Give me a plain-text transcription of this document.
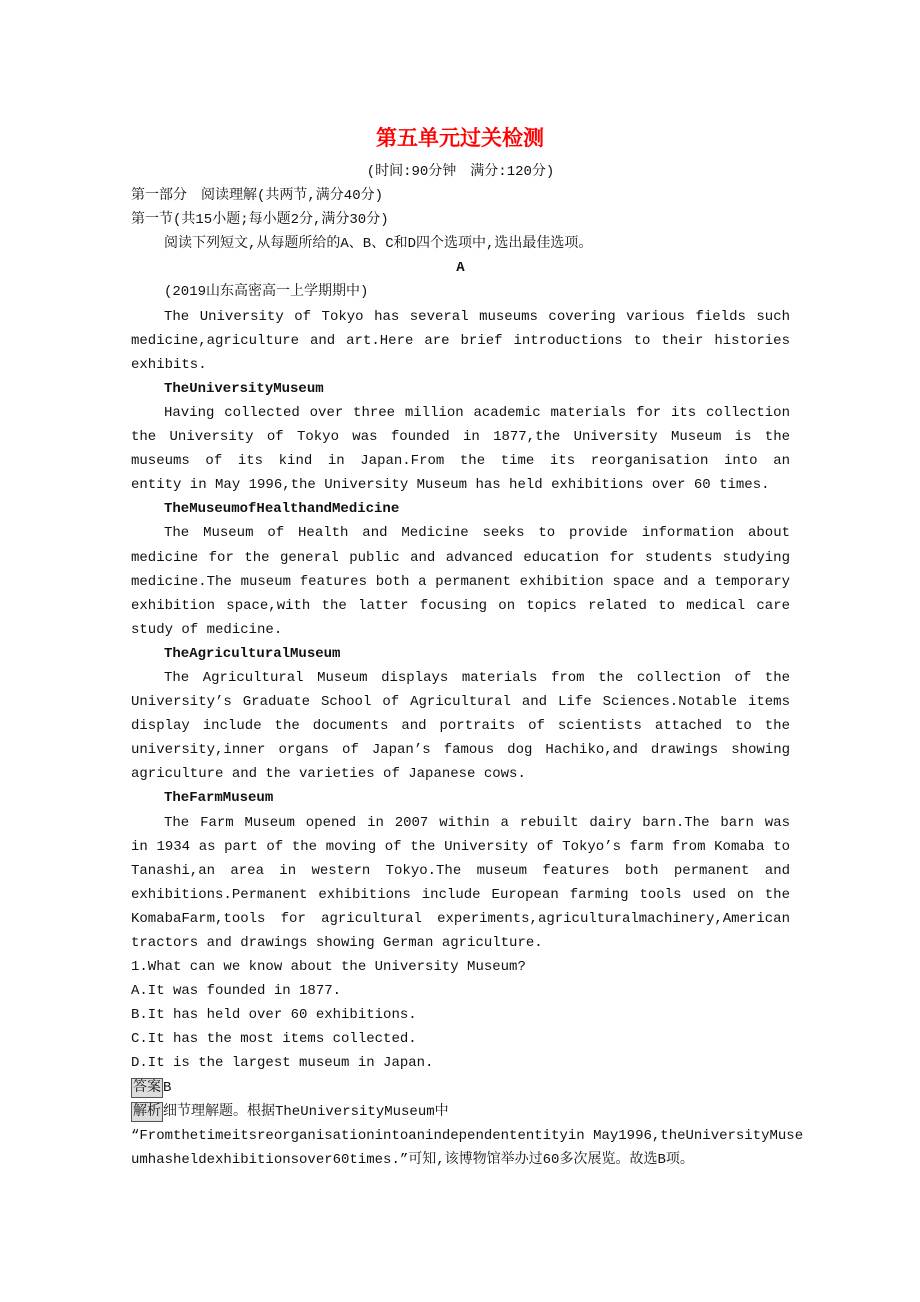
第五单元过关检测
(时间:90分钟　满分:120分)
第一部分　阅读理解(共两节,满分40分)
第一节(共15小题;每小题2分,满分30分)
阅读下列短文,从每题所给的A、B、C和D四个选项中,选出最佳选项。
A
(2019山东高密高一上学期期中)
The University of Tokyo has several museums covering various fields such
medicine,agriculture and art.Here are brief introductions to their histories
exhibits.
TheUniversityMuseum
Having collected over three million academic materials for its collection
the University of Tokyo was founded in 1877,the University Museum is the
museums of its kind in Japan.From the time its reorganisation into an
entity in May 1996,the University Museum has held exhibitions over 60 times.
TheMuseumofHealthandMedicine
The Museum of Health and Medicine seeks to provide information about
medicine for the general public and advanced education for students studying
medicine.The museum features both a permanent exhibition space and a temporary
exhibition space,with the latter focusing on topics related to medical care
study of medicine.
TheAgriculturalMuseum
The Agricultural Museum displays materials from the collection of the
University’s Graduate School of Agricultural and Life Sciences.Notable items
display include the documents and portraits of scientists attached to the
university,inner organs of Japan’s famous dog Hachiko,and drawings showing
agriculture and the varieties of Japanese cows.
TheFarmMuseum
The Farm Museum opened in 2007 within a rebuilt dairy barn.The barn was
in 1934 as part of the moving of the University of Tokyo’s farm from Komaba to
Tanashi,an area in western Tokyo.The museum features both permanent and
exhibitions.Permanent exhibitions include European farming tools used on the
KomabaFarm,tools for agricultural experiments,agriculturalmachinery,American
tractors and drawings showing German agriculture.
1.What can we know about the University Museum?
A.It was founded in 1877.
B.It has held over 60 exhibitions.
C.It has the most items collected.
D.It is the largest museum in Japan.
答案 B
解析 细节理解题。根据TheUniversityMuseum中
“Fromthetimeitsreorganisationintoanindependententityin May1996,theUniversityMuse
umhasheldexhibitionsover60times.”可知,该博物馆举办过60多次展览。故选B项。
